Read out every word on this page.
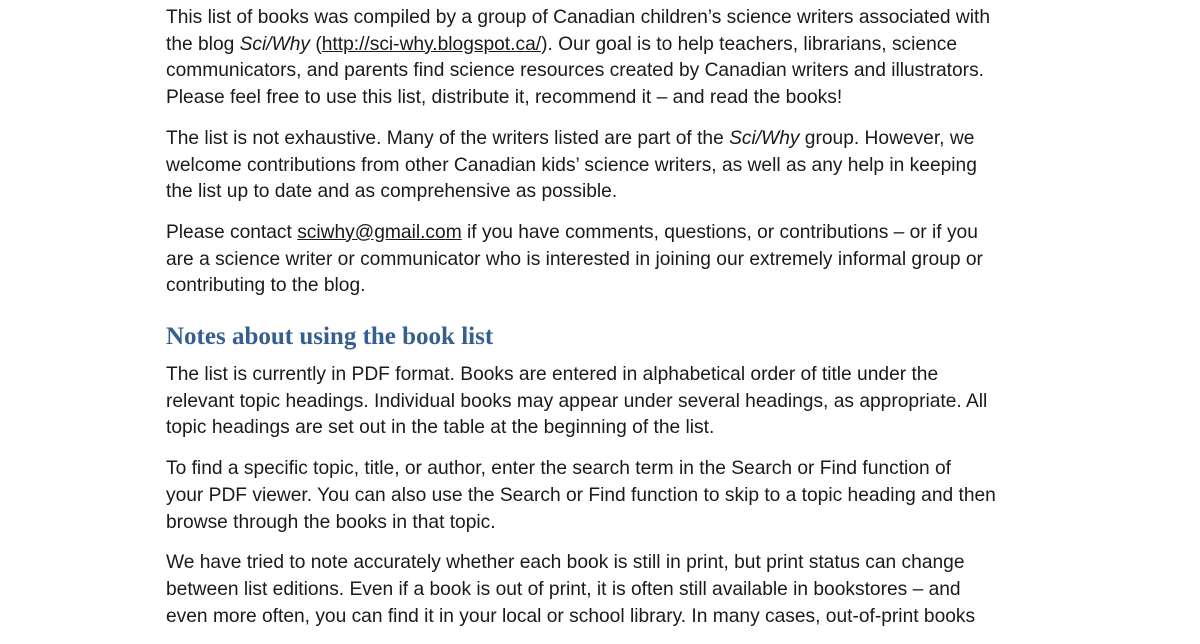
This list of books was compiled by a group of Canadian children’s science writers associated with
the blog Sci/Why (http://sci-why.blogspot.ca/). Our goal is to help teachers, librarians, science
communicators, and parents find science resources created by Canadian writers and illustrators.
Please feel free to use this list, distribute it, recommend it – and read the books!

The list is not exhaustive. Many of the writers listed are part of the Sci/Why group. However, we
welcome contributions from other Canadian kids’ science writers, as well as any help in keeping
the list up to date and as comprehensive as possible.

Please contact sciwhy@gmail.com if you have comments, questions, or contributions – or if you
are a science writer or communicator who is interested in joining our extremely informal group or
contributing to the blog.

Notes about using the book list

The list is currently in PDF format. Books are entered in alphabetical order of title under the
relevant topic headings. Individual books may appear under several headings, as appropriate. All
topic headings are set out in the table at the beginning of the list.

To find a specific topic, title, or author, enter the search term in the Search or Find function of
your PDF viewer. You can also use the Search or Find function to skip to a topic heading and then
browse through the books in that topic.

We have tried to note accurately whether each book is still in print, but print status can change
between list editions. Even if a book is out of print, it is often still available in bookstores – and
even more often, you can find it in your local or school library. In many cases, out-of-print books
